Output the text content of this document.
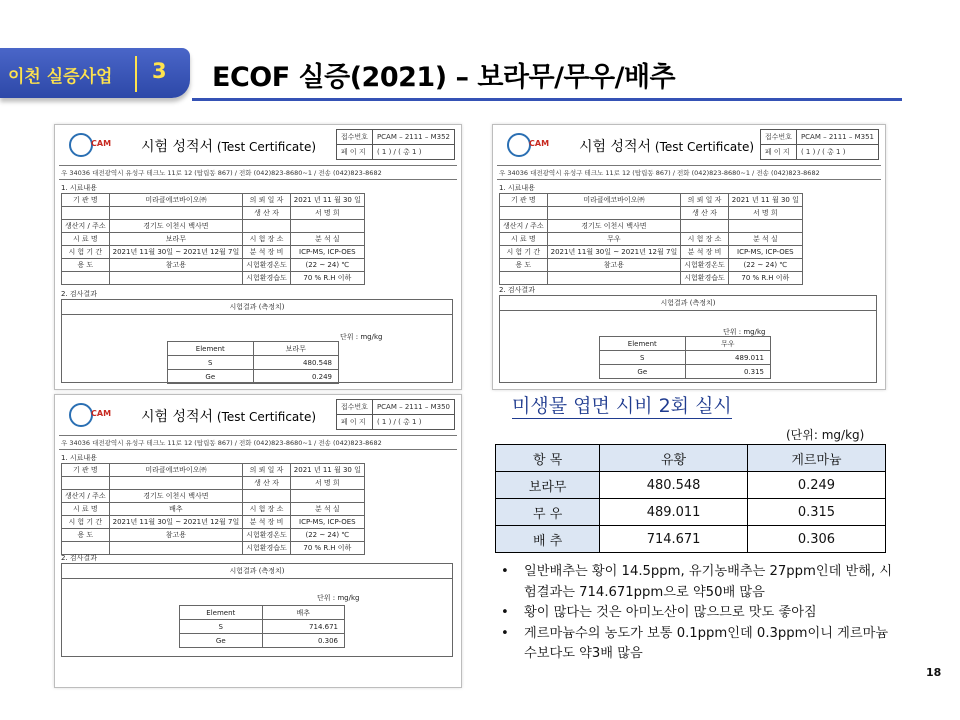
이천 실증사업 3 ECOF 실증(2021) – 보라무/무우/배추
CAM 시험 성적서 (Test Certificate)
접수번호	PCAM – 2111 – M352
페 이 지	( 1 ) / ( 총 1 )
우 34036 대전광역시 유성구 테크노 11로 12 (탑립동 867) / 전화 (042)823-8680~1 / 전송 (042)823-8682
1. 시료내용
기 관 명	미라클에코바이오㈜	의 뢰 일 자	2021 년 11 월 30 일
		생 산 자	서 명 희
생산지 / 주소	경기도 이천시 백사면		
시 료 명	보라무	시 험 장 소	분 석 실
시 험 기 간	2021년 11월 30일 ~ 2021년 12월 7일	분 석 장 비	ICP-MS, ICP-OES
용 도	참고용	시험환경온도	(22 ~ 24) ℃
		시험환경습도	70 % R.H 이하
2. 검사결과
시험결과 (측정치)
단위 : mg/kg
Element	보라무
S	480.548
Ge	0.249
CAM 시험 성적서 (Test Certificate)
접수번호	PCAM – 2111 – M351
페 이 지	( 1 ) / ( 총 1 )
우 34036 대전광역시 유성구 테크노 11로 12 (탑립동 867) / 전화 (042)823-8680~1 / 전송 (042)823-8682
1. 시료내용
기 관 명	미라클에코바이오㈜	의 뢰 일 자	2021 년 11 월 30 일
		생 산 자	서 명 희
생산지 / 주소	경기도 이천시 백사면		
시 료 명	무우	시 험 장 소	분 석 실
시 험 기 간	2021년 11월 30일 ~ 2021년 12월 7일	분 석 장 비	ICP-MS, ICP-OES
용 도	참고용	시험환경온도	(22 ~ 24) ℃
		시험환경습도	70 % R.H 이하
2. 검사결과
시험결과 (측정치)
단위 : mg/kg
Element	무우
S	489.011
Ge	0.315
CAM 시험 성적서 (Test Certificate)
접수번호	PCAM – 2111 – M350
페 이 지	( 1 ) / ( 총 1 )
우 34036 대전광역시 유성구 테크노 11로 12 (탑립동 867) / 전화 (042)823-8680~1 / 전송 (042)823-8682
1. 시료내용
기 관 명	미라클에코바이오㈜	의 뢰 일 자	2021 년 11 월 30 일
		생 산 자	서 명 희
생산지 / 주소	경기도 이천시 백사면		
시 료 명	배추	시 험 장 소	분 석 실
시 험 기 간	2021년 11월 30일 ~ 2021년 12월 7일	분 석 장 비	ICP-MS, ICP-OES
용 도	참고용	시험환경온도	(22 ~ 24) ℃
		시험환경습도	70 % R.H 이하
2. 검사결과
시험결과 (측정치)
단위 : mg/kg
Element	배추
S	714.671
Ge	0.306
미생물 엽면 시비 2회 실시
(단위: mg/kg)
항 목	유황	게르마늄
보라무	480.548	0.249
무 우	489.011	0.315
배 추	714.671	0.306
• 일반배추는 황이 14.5ppm, 유기농배추는 27ppm인데 반해, 시험결과는 714.671ppm으로 약50배 많음
• 황이 많다는 것은 아미노산이 많으므로 맛도 좋아짐
• 게르마늄수의 농도가 보통 0.1ppm인데 0.3ppm이니 게르마늄수보다도 약3배 많음
18
